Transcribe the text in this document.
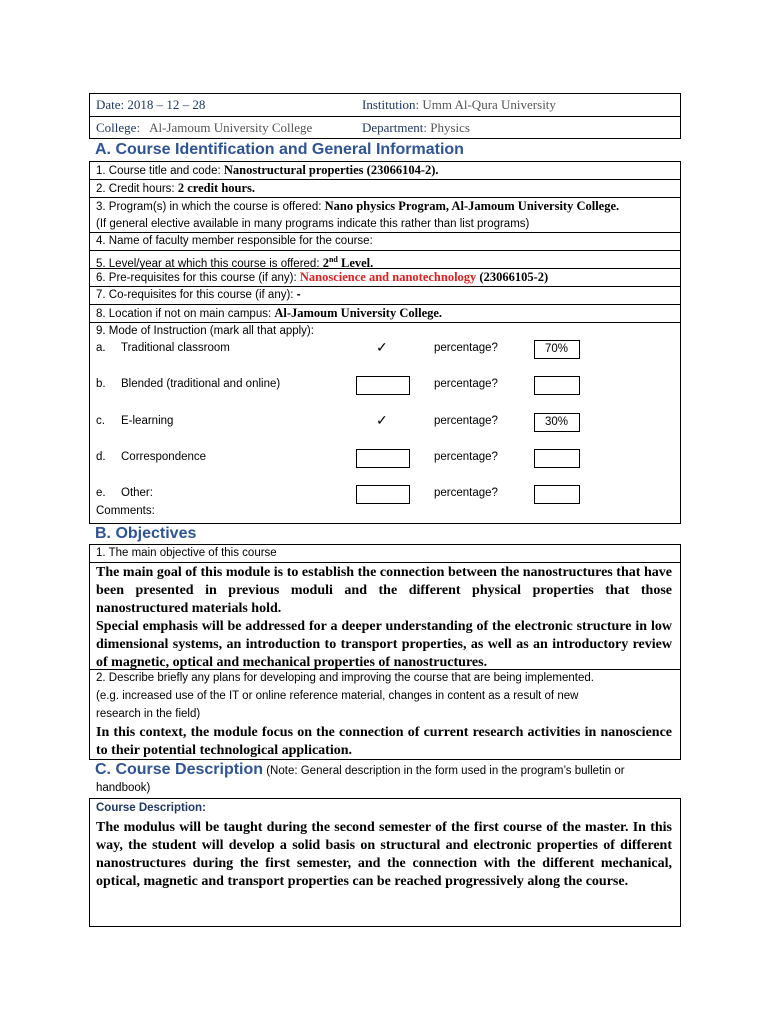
Date: 2018 – 12 – 28	Institution: Umm Al-Qura University
College:   Al-Jamoum University College	Department: Physics
A. Course Identification and General Information
1. Course title and code: Nanostructural properties (23066104-2).
2. Credit hours: 2 credit hours.
3. Program(s) in which the course is offered: Nano physics Program, Al-Jamoum University College.
(If general elective available in many programs indicate this rather than list programs)
4. Name of faculty member responsible for the course:
5. Level/year at which this course is offered: 2nd Level.
6. Pre-requisites for this course (if any): Nanoscience and nanotechnology (23066105-2)
7. Co-requisites for this course (if any): -
8. Location if not on main campus: Al-Jamoum University College.
9. Mode of Instruction (mark all that apply):
a. Traditional classroom	✓	percentage?	70%
b. Blended (traditional and online)	percentage?
c. E-learning	✓	percentage?	30%
d. Correspondence	percentage?
e. Other:	percentage?
Comments:
B. Objectives
1. The main objective of this course
The main goal of this module is to establish the connection between the nanostructures that have been presented in previous moduli and the different physical properties that those nanostructured materials hold.
Special emphasis will be addressed for a deeper understanding of the electronic structure in low dimensional systems, an introduction to transport properties, as well as an introductory review of magnetic, optical and mechanical properties of nanostructures.
2. Describe briefly any plans for developing and improving the course that are being implemented.
(e.g. increased use of the IT or online reference material, changes in content as a result of new
research in the field)
In this context, the module focus on the connection of current research activities in nanoscience to their potential technological application.
C. Course Description (Note: General description in the form used in the program’s bulletin or
handbook)
Course Description:
The modulus will be taught during the second semester of the first course of the master. In this way, the student will develop a solid basis on structural and electronic properties of different nanostructures during the first semester, and the connection with the different mechanical, optical, magnetic and transport properties can be reached progressively along the course.
